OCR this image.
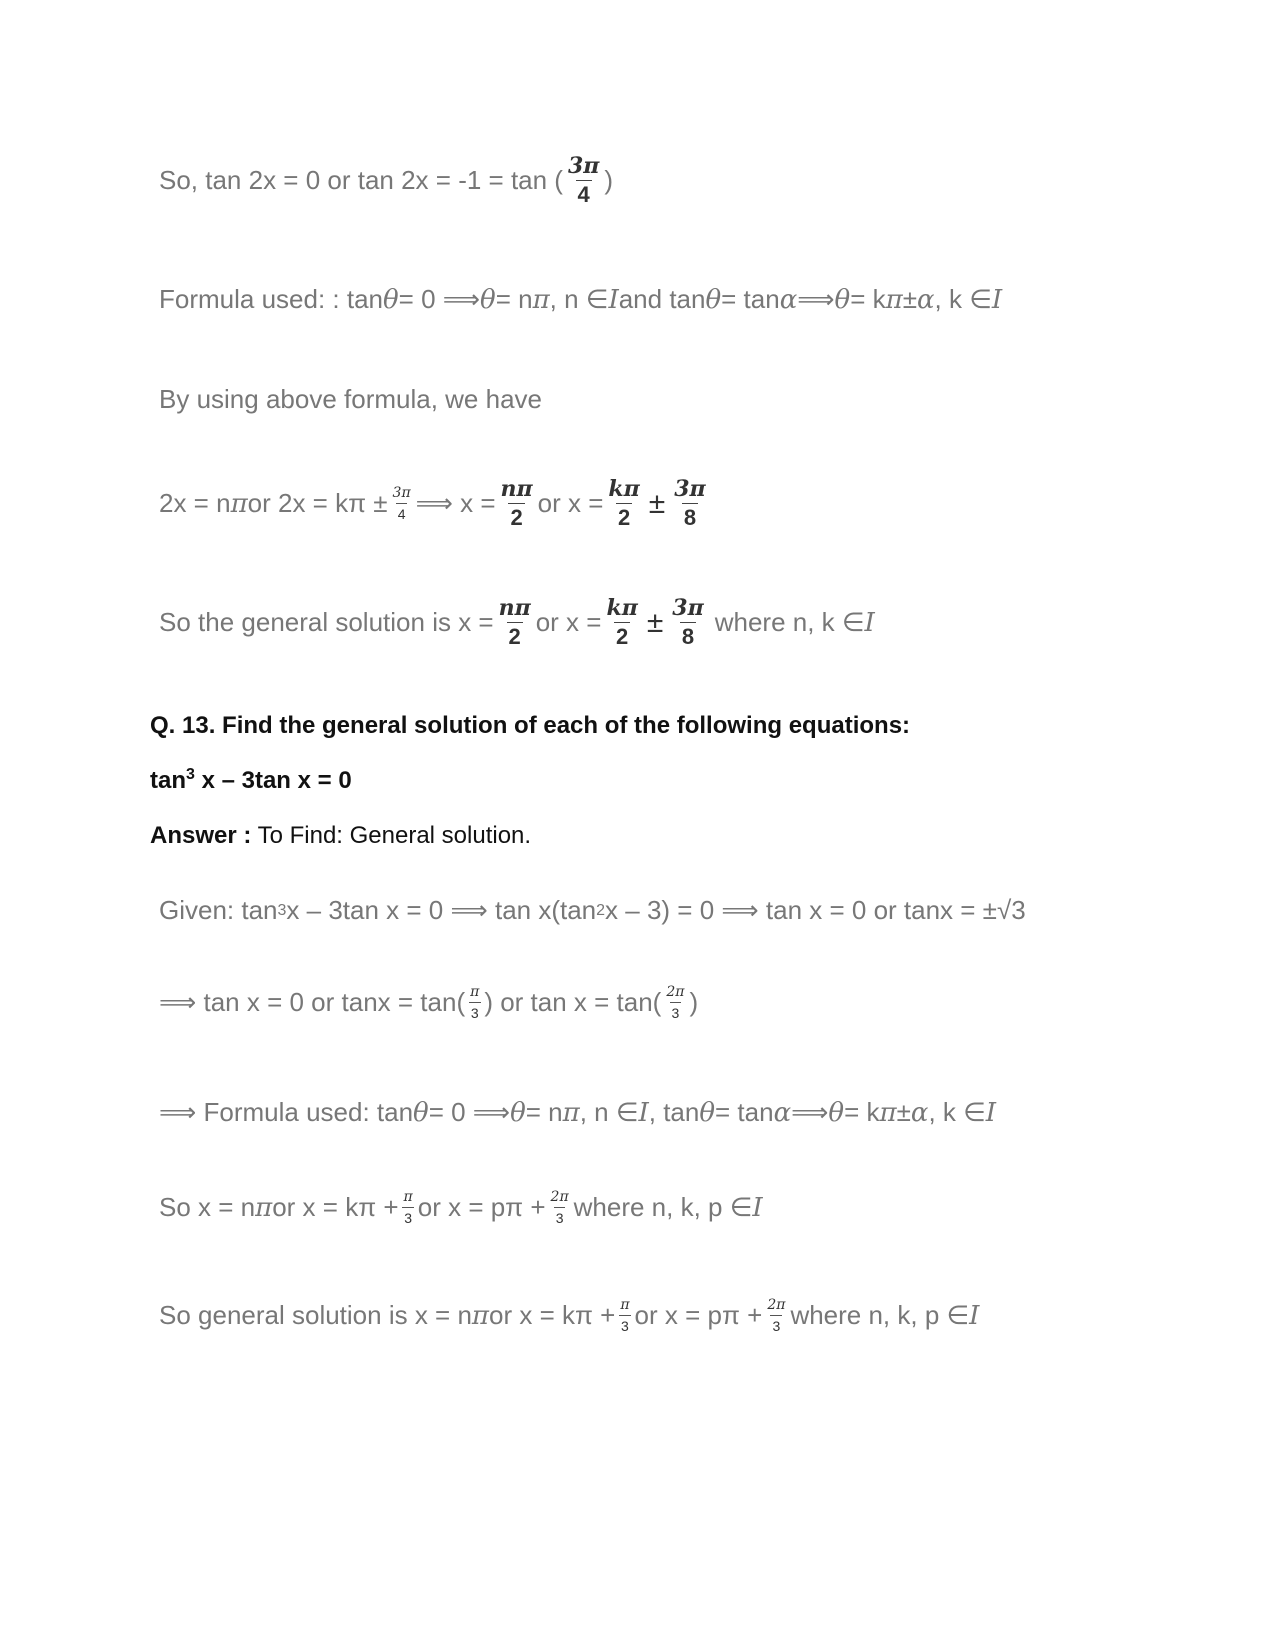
So, tan 2x = 0 or tan 2x = -1 = tan ( $\frac{3\pi}{4}$ )
Formula used: : tan θ = 0 ⟹ θ = n π , n ∈ I and tan θ = tan α ⟹ θ = k π ± α , k ∈ I
By using above formula, we have
2x = n π or $2x = k\pi \pm \frac{3\pi}{4}$ ⟹ $x = \frac{n\pi}{2}$ or $x = \frac{k\pi}{2} \pm \frac{3\pi}{8}$
So the general solution is $x = \frac{n\pi}{2}$ or $x = \frac{k\pi}{2} \pm \frac{3\pi}{8}$ where n, k ∈ I
Q. 13. Find the general solution of each of the following equations:
$\tan^3 x - 3\tan$ x = 0
Answer : To Find: General solution.
Given: tan 3 x – 3tan x = 0 ⟹ tan x(tan 2 x – 3) = 0 ⟹ tan x = 0 or tanx = ±√3
⟹ tan x = 0 or $\tan x = \tan( \frac{\pi}{3}$ ) or $\tan x = \tan( \frac{2\pi}{3}$ )
⟹ Formula used: tan θ = 0 ⟹ θ = n π , n ∈ I , tan θ = tan α ⟹ θ = k π ± α , k ∈ I
So x = n π or $x = k\pi + \frac{\pi}{3}$ or $x = p\pi + \frac{2\pi}{3}$ where n, k, p ∈ I
So general solution is x = n π or $x = k\pi + \frac{\pi}{3}$ or $x = p\pi + \frac{2\pi}{3}$ where n, k, p ∈ I
